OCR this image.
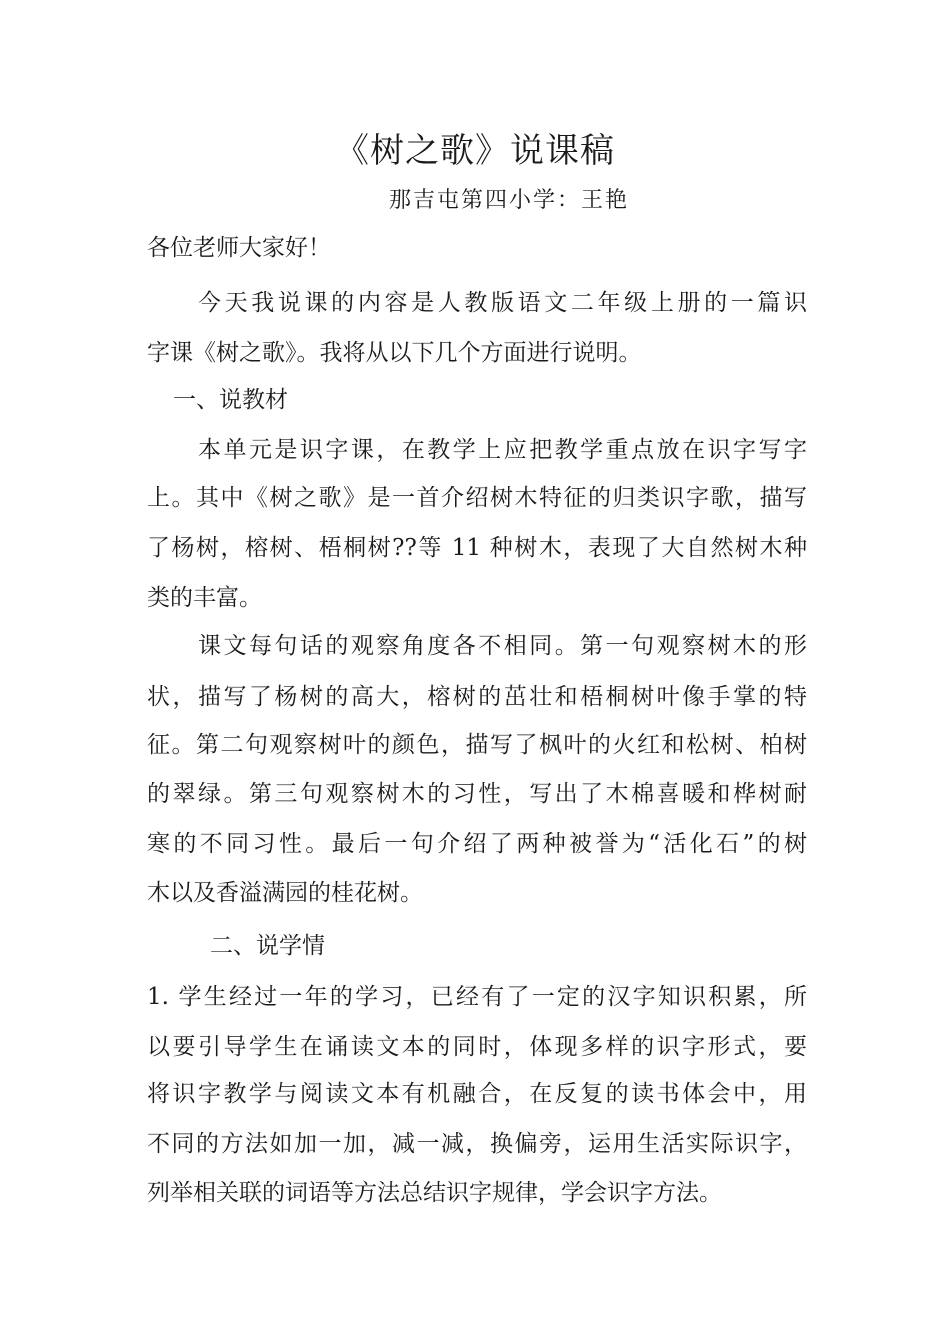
《树之歌》说课稿
那吉屯第四小学：王艳
各位老师大家好！
今天我说课的内容是人教版语文二年级上册的一篇识
字课《树之歌》。我将从以下几个方面进行说明。
一、说教材
本单元是识字课，在教学上应把教学重点放在识字写字
上。其中《树之歌》是一首介绍树木特征的归类识字歌，描写
了杨树，榕树、梧桐树??等 11 种树木，表现了大自然树木种
类的丰富。
课文每句话的观察角度各不相同。第一句观察树木的形
状，描写了杨树的高大，榕树的茁壮和梧桐树叶像手掌的特
征。第二句观察树叶的颜色，描写了枫叶的火红和松树、柏树
的翠绿。第三句观察树木的习性，写出了木棉喜暖和桦树耐
寒的不同习性。最后一句介绍了两种被誉为“活化石”的树
木以及香溢满园的桂花树。
二、说学情
1. 学生经过一年的学习，已经有了一定的汉字知识积累，所
以要引导学生在诵读文本的同时，体现多样的识字形式，要
将识字教学与阅读文本有机融合，在反复的读书体会中，用
不同的方法如加一加，减一减，换偏旁，运用生活实际识字，
列举相关联的词语等方法总结识字规律，学会识字方法。
